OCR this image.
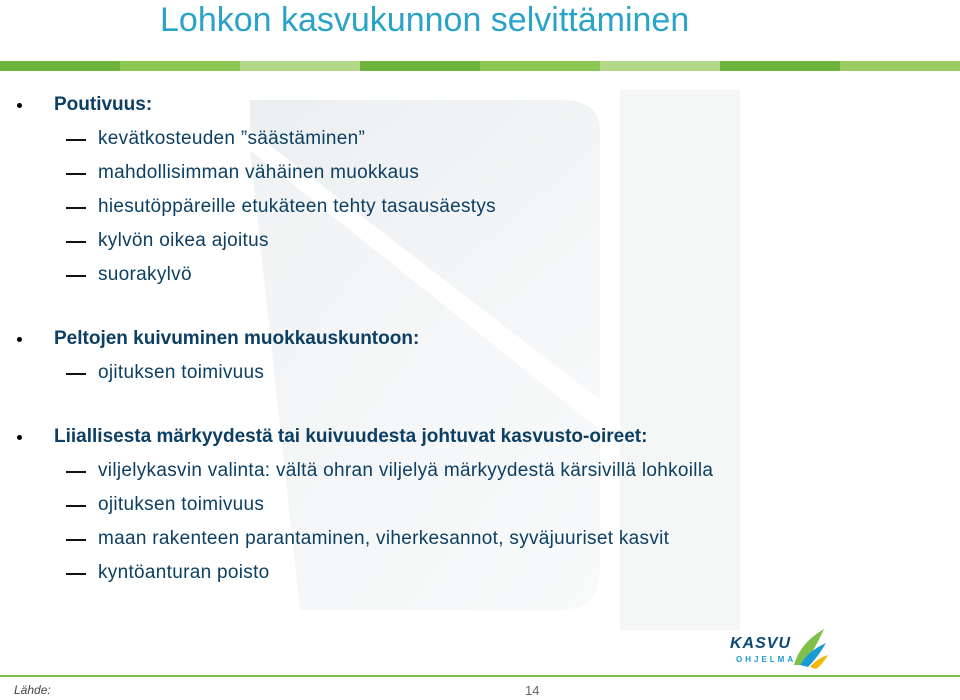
Lohkon kasvukunnon selvittäminen
Poutivuus:
kevätkosteuden ”säästäminen”
mahdollisimman vähäinen muokkaus
hiesutöppäreille etukäteen tehty tasausäestys
kylvön oikea ajoitus
suorakylvö
Peltojen kuivuminen muokkauskuntoon:
ojituksen toimivuus
Liiallisesta märkyydestä tai kuivuudesta johtuvat kasvusto-oireet:
viljelykasvin valinta: vältä ohran viljelyä märkyydestä kärsivillä lohkoilla
ojituksen toimivuus
maan rakenteen parantaminen, viherkesannot, syväjuuriset kasvit
kyntöanturan poisto
KASVU
OHJELMA
Lähde:	14
